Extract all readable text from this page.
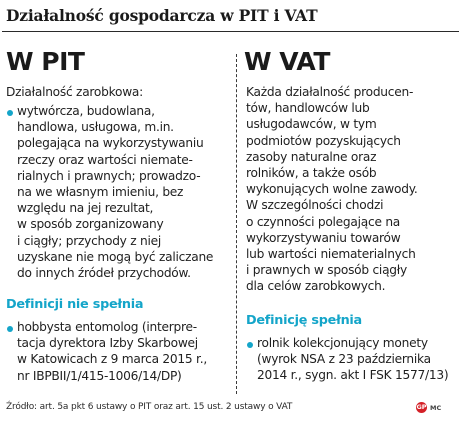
Działalność gospodarcza w PIT i VAT
W PIT
Działalność zarobkowa:
wytwórcza, budowlana,
handlowa, usługowa, m.in.
polegająca na wykorzystywaniu
rzeczy oraz wartości niemate-
rialnych i prawnych; prowadzo-
na we własnym imieniu, bez
względu na jej rezultat,
w sposób zorganizowany
i ciągły; przychody z niej
uzyskane nie mogą być zaliczane
do innych źródeł przychodów.
Definicji nie spełnia
hobbysta entomolog (interpre-
tacja dyrektora Izby Skarbowej
w Katowicach z 9 marca 2015 r.,
nr IBPBII/1/415-1006/14/DP)
W VAT
Każda działalność producen-
tów, handlowców lub
usługodawców, w tym
podmiotów pozyskujących
zasoby naturalne oraz
rolników, a także osób
wykonujących wolne zawody.
W szczególności chodzi
o czynności polegające na
wykorzystywaniu towarów
lub wartości niematerialnych
i prawnych w sposób ciągły
dla celów zarobkowych.
Definicję spełnia
rolnik kolekcjonujący monety
(wyrok NSA z 23 października
2014 r., sygn. akt I FSK 1577/13)
Źródło: art. 5a pkt 6 ustawy o PIT oraz art. 15 ust. 2 ustawy o VAT	GP MC
